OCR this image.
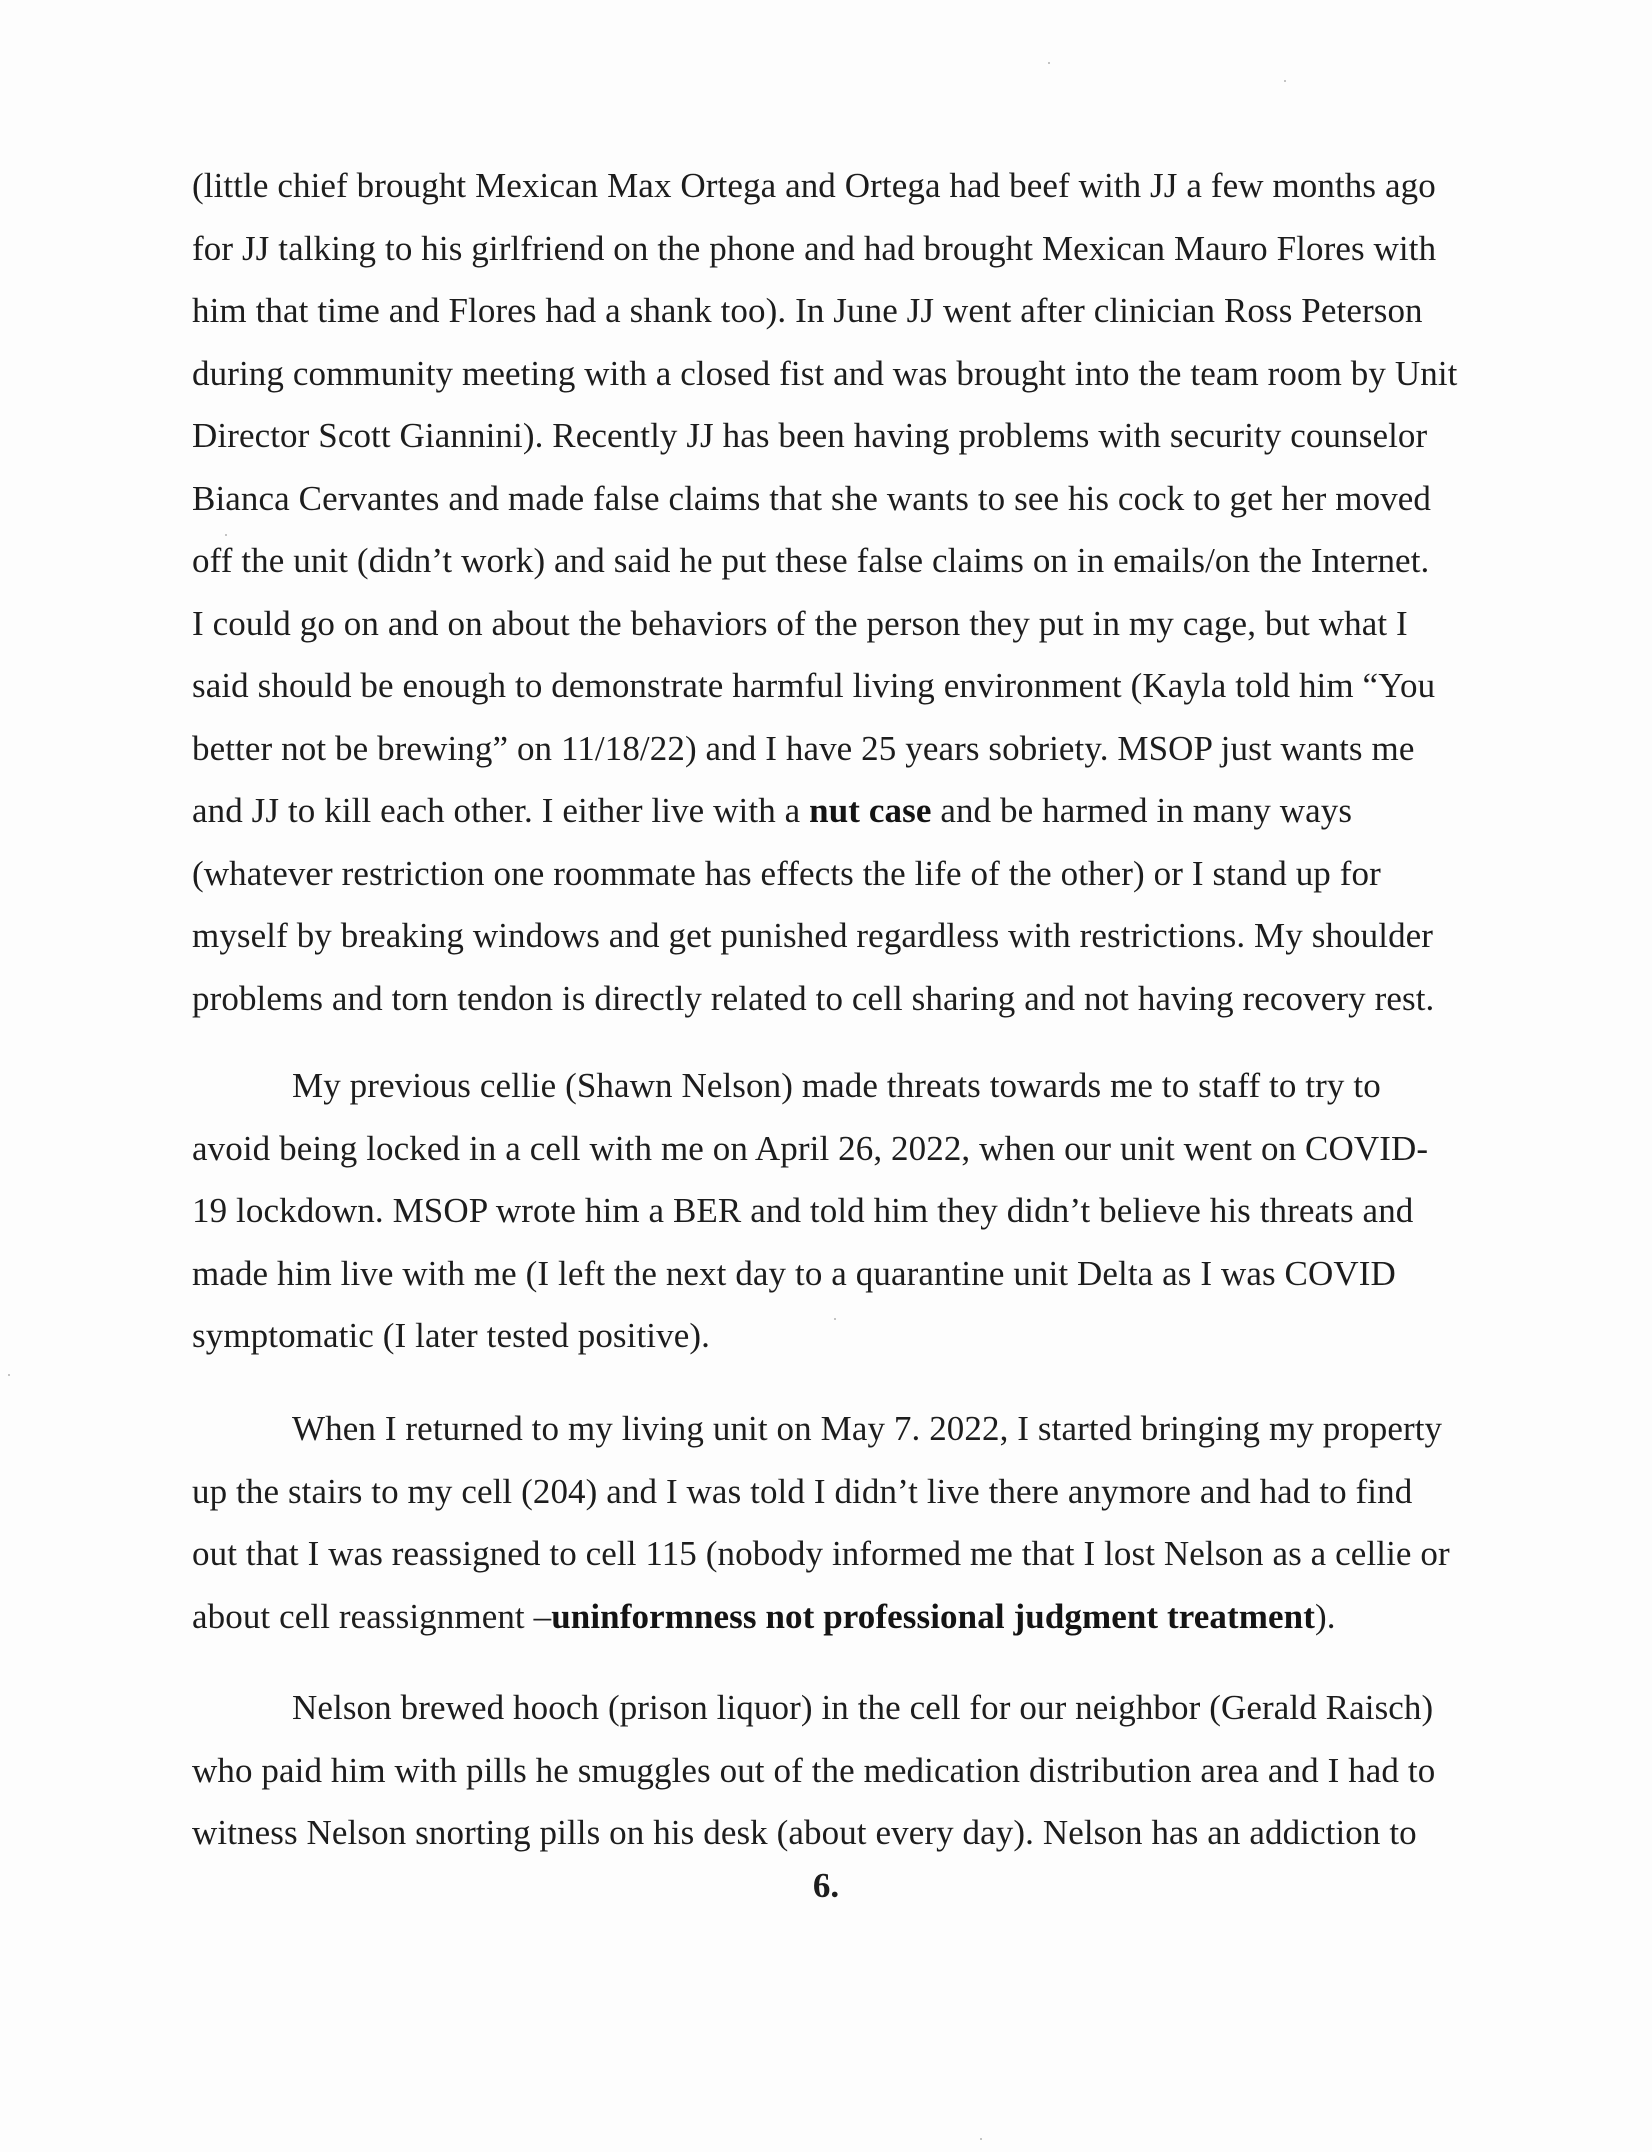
(little chief brought Mexican Max Ortega and Ortega had beef with JJ a few months ago
for JJ talking to his girlfriend on the phone and had brought Mexican Mauro Flores with
him that time and Flores had a shank too). In June JJ went after clinician Ross Peterson
during community meeting with a closed fist and was brought into the team room by Unit
Director Scott Giannini). Recently JJ has been having problems with security counselor
Bianca Cervantes and made false claims that she wants to see his cock to get her moved
off the unit (didn’t work) and said he put these false claims on in emails/on the Internet.
I could go on and on about the behaviors of the person they put in my cage, but what I
said should be enough to demonstrate harmful living environment (Kayla told him “You
better not be brewing” on 11/18/22) and I have 25 years sobriety. MSOP just wants me
and JJ to kill each other. I either live with a nut case and be harmed in many ways
(whatever restriction one roommate has effects the life of the other) or I stand up for
myself by breaking windows and get punished regardless with restrictions. My shoulder
problems and torn tendon is directly related to cell sharing and not having recovery rest.
My previous cellie (Shawn Nelson) made threats towards me to staff to try to
avoid being locked in a cell with me on April 26, 2022, when our unit went on COVID-
19 lockdown. MSOP wrote him a BER and told him they didn’t believe his threats and
made him live with me (I left the next day to a quarantine unit Delta as I was COVID
symptomatic (I later tested positive).
When I returned to my living unit on May 7. 2022, I started bringing my property
up the stairs to my cell (204) and I was told I didn’t live there anymore and had to find
out that I was reassigned to cell 115 (nobody informed me that I lost Nelson as a cellie or
about cell reassignment –uninformness not professional judgment treatment).
Nelson brewed hooch (prison liquor) in the cell for our neighbor (Gerald Raisch)
who paid him with pills he smuggles out of the medication distribution area and I had to
witness Nelson snorting pills on his desk (about every day). Nelson has an addiction to
6.
